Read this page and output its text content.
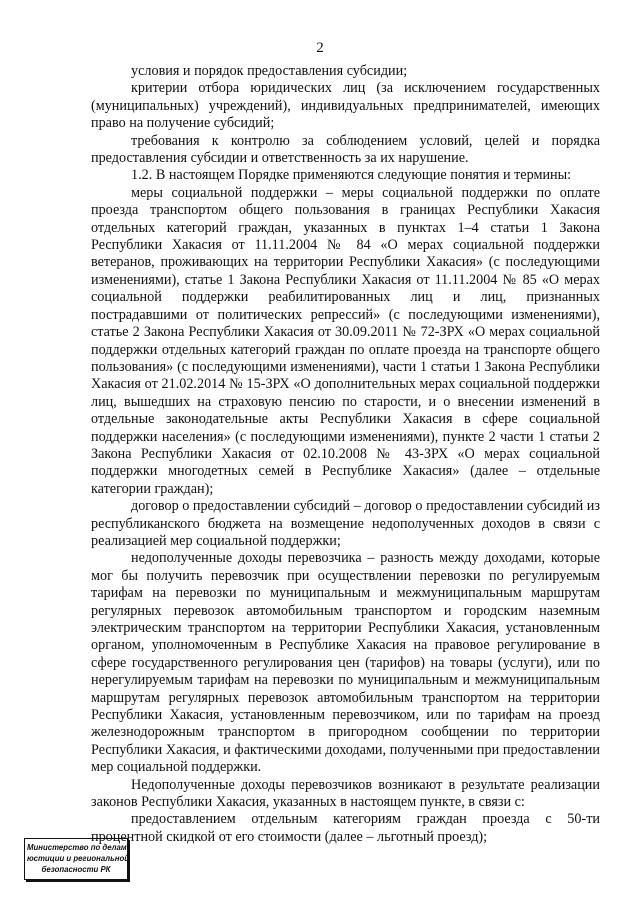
2

условия и порядок предоставления субсидии;

критерии отбора юридических лиц (за исключением государственных (муниципальных) учреждений), индивидуальных предпринимателей, имеющих право на получение субсидий;

требования к контролю за соблюдением условий, целей и порядка предоставления субсидии и ответственность за их нарушение.

1.2. В настоящем Порядке применяются следующие понятия и термины:

меры социальной поддержки – меры социальной поддержки по оплате проезда транспортом общего пользования в границах Республики Хакасия отдельных категорий граждан, указанных в пунктах 1–4 статьи 1 Закона Республики Хакасия от 11.11.2004 № 84 «О мерах социальной поддержки ветеранов, проживающих на территории Республики Хакасия» (с последующими изменениями), статье 1 Закона Республики Хакасия от 11.11.2004 № 85 «О мерах социальной поддержки реабилитированных лиц и лиц, признанных пострадавшими от политических репрессий» (с последующими изменениями), статье 2 Закона Республики Хакасия от 30.09.2011 № 72-ЗРХ «О мерах социальной поддержки отдельных категорий граждан по оплате проезда на транспорте общего пользования» (с последующими изменениями), части 1 статьи 1 Закона Республики Хакасия от 21.02.2014 № 15-ЗРХ «О дополнительных мерах социальной поддержки лиц, вышедших на страховую пенсию по старости, и о внесении изменений в отдельные законодательные акты Республики Хакасия в сфере социальной поддержки населения» (с последующими изменениями), пункте 2 части 1 статьи 2 Закона Республики Хакасия от 02.10.2008 № 43-ЗРХ «О мерах социальной поддержки многодетных семей в Республике Хакасия» (далее – отдельные категории граждан);

договор о предоставлении субсидий – договор о предоставлении субсидий из республиканского бюджета на возмещение недополученных доходов в связи с реализацией мер социальной поддержки;

недополученные доходы перевозчика – разность между доходами, которые мог бы получить перевозчик при осуществлении перевозки по регулируемым тарифам на перевозки по муниципальным и межмуниципальным маршрутам регулярных перевозок автомобильным транспортом и городским наземным электрическим транспортом на территории Республики Хакасия, установленным органом, уполномоченным в Республике Хакасия на правовое регулирование в сфере государственного регулирования цен (тарифов) на товары (услуги), или по нерегулируемым тарифам на перевозки по муниципальным и межмуниципальным маршрутам регулярных перевозок автомобильным транспортом на территории Республики Хакасия, установленным перевозчиком, или по тарифам на проезд железнодорожным транспортом в пригородном сообщении по территории Республики Хакасия, и фактическими доходами, полученными при предоставлении мер социальной поддержки.

Недополученные доходы перевозчиков возникают в результате реализации законов Республики Хакасия, указанных в настоящем пункте, в связи с:

предоставлением отдельным категориям граждан проезда с 50-ти процентной скидкой от его стоимости (далее – льготный проезд);

Министерство по делам
юстиции и региональной
безопасности РК
